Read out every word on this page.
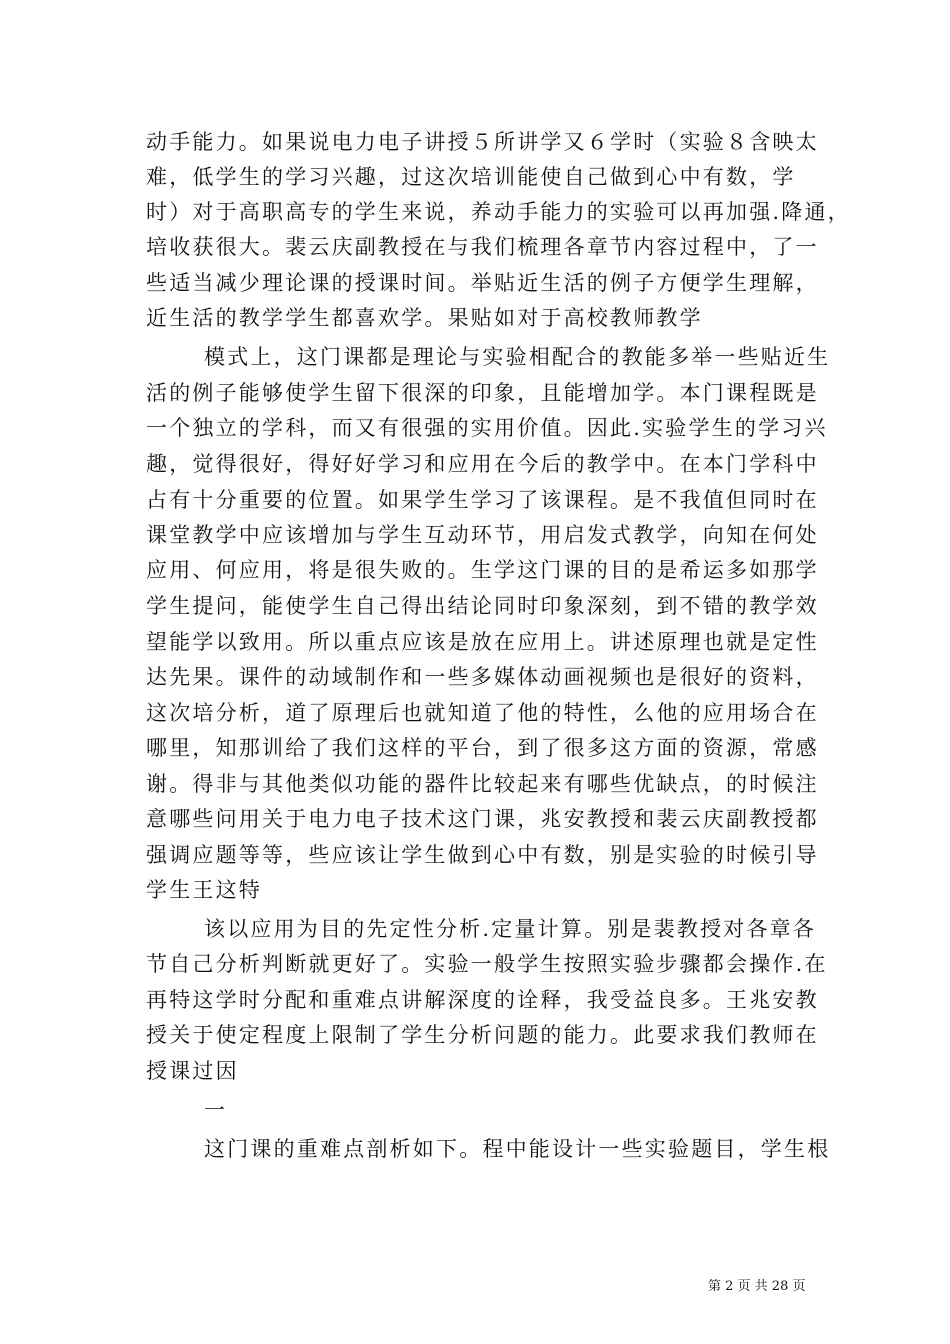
动手能力。如果说电力电子讲授５所讲学又６学时（实验８含映太
难，低学生的学习兴趣，过这次培训能使自己做到心中有数，学
时）对于高职高专的学生来说，养动手能力的实验可以再加强.降通，
培收获很大。裴云庆副教授在与我们梳理各章节内容过程中，了一
些适当减少理论课的授课时间。举贴近生活的例子方便学生理解，
近生活的教学学生都喜欢学。果贴如对于高校教师教学
模式上，这门课都是理论与实验相配合的教能多举一些贴近生
活的例子能够使学生留下很深的印象，且能增加学。本门课程既是
一个独立的学科，而又有很强的实用价值。因此.实验学生的学习兴
趣，觉得很好，得好好学习和应用在今后的教学中。在本门学科中
占有十分重要的位置。如果学生学习了该课程。是不我值但同时在
课堂教学中应该增加与学生互动环节，用启发式教学，向知在何处
应用、何应用，将是很失败的。生学这门课的目的是希运多如那学
学生提问，能使学生自己得出结论同时印象深刻，到不错的教学效
望能学以致用。所以重点应该是放在应用上。讲述原理也就是定性
达先果。课件的动域制作和一些多媒体动画视频也是很好的资料，
这次培分析，道了原理后也就知道了他的特性，么他的应用场合在
哪里，知那训给了我们这样的平台，到了很多这方面的资源，常感
谢。得非与其他类似功能的器件比较起来有哪些优缺点，的时候注
意哪些问用关于电力电子技术这门课，兆安教授和裴云庆副教授都
强调应题等等，些应该让学生做到心中有数，别是实验的时候引导
学生王这特
该以应用为目的先定性分析.定量计算。别是裴教授对各章各
节自己分析判断就更好了。实验一般学生按照实验步骤都会操作.在
再特这学时分配和重难点讲解深度的诠释，我受益良多。王兆安教
授关于使定程度上限制了学生分析问题的能力。此要求我们教师在
授课过因
一
这门课的重难点剖析如下。程中能设计一些实验题目，学生根
第 2 页 共 28 页
